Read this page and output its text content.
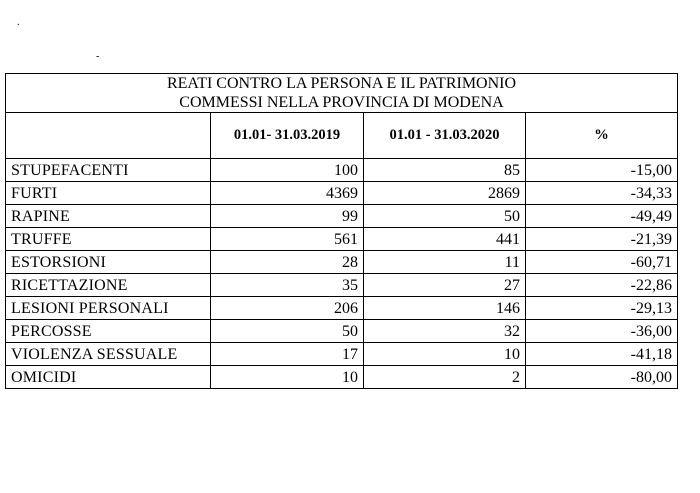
.
-
REATI CONTRO LA PERSONA E IL PATRIMONIO
COMMESSI NELLA PROVINCIA DI MODENA			

	01.01- 31.03.2019	01.01 - 31.03.2020	%
STUPEFACENTI	100	85	-15,00
FURTI	4369	2869	-34,33
RAPINE	99	50	-49,49
TRUFFE	561	441	-21,39
ESTORSIONI	28	11	-60,71
RICETTAZIONE	35	27	-22,86
LESIONI PERSONALI	206	146	-29,13
PERCOSSE	50	32	-36,00
VIOLENZA SESSUALE	17	10	-41,18
OMICIDI	10	2	-80,00
